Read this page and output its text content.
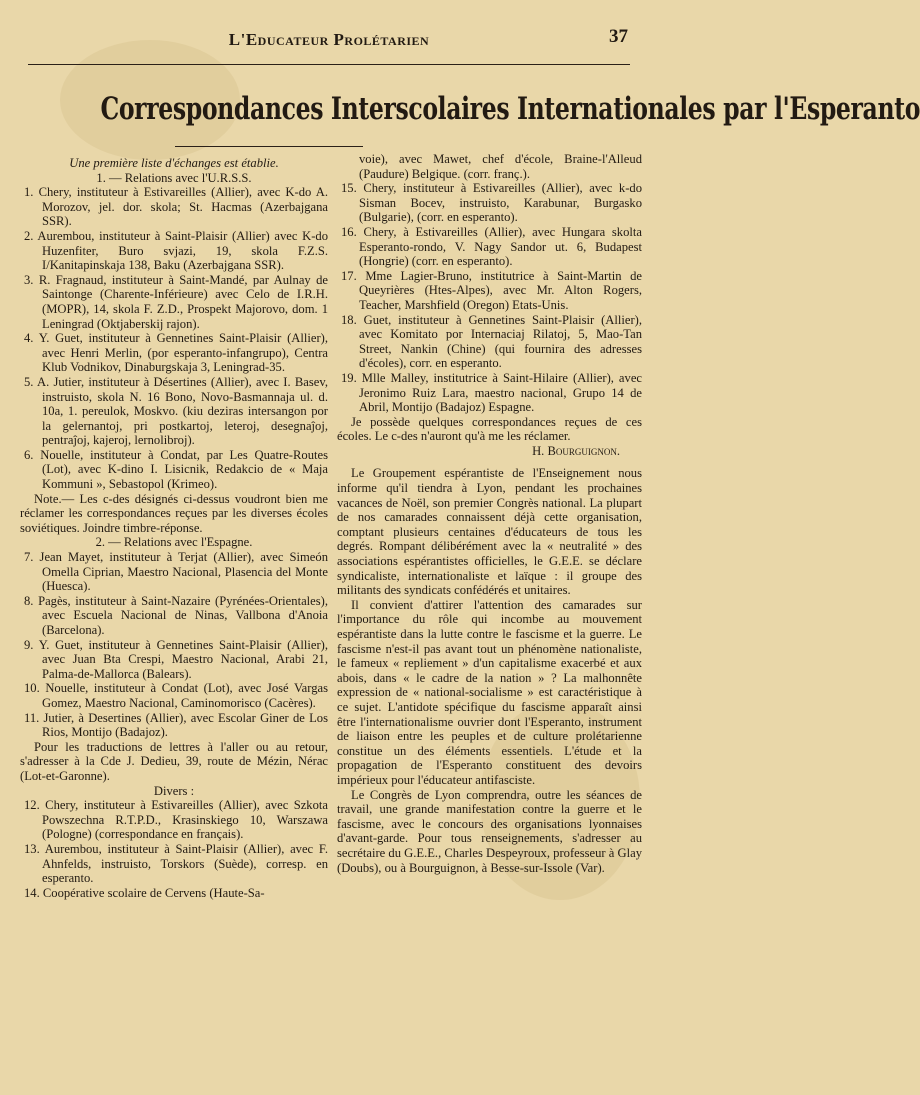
L'Educateur Prolétarien	37
Correspondances Interscolaires Internationales par l'Esperanto

Une première liste d'échanges est établie.

1. — Relations avec l'U.R.S.S.

1. Chery, instituteur à Estivareilles (Allier), avec K-do A. Morozov, jel. dor. skola; St. Hacmas (Azerbajgana SSR).

2. Aurembou, instituteur à Saint-Plaisir (Allier) avec K-do Huzenfiter, Buro svjazi, 19, skola F.Z.S. I/Kanitapinskaja 138, Baku (Azerbajgana SSR).

3. R. Fragnaud, instituteur à Saint-Mandé, par Aulnay de Saintonge (Charente-Inférieure) avec Celo de I.R.H. (MOPR), 14, skola F. Z.D., Prospekt Majorovo, dom. 1 Leningrad (Oktjaberskij rajon).

4. Y. Guet, instituteur à Gennetines Saint-Plaisir (Allier), avec Henri Merlin, (por esperanto-infangrupo), Centra Klub Vodnikov, Dinaburgskaja 3, Leningrad-35.

5. A. Jutier, instituteur à Désertines (Allier), avec I. Basev, instruisto, skola N. 16 Bono, Novo-Basmannaja ul. d. 10a, 1. pereulok, Moskvo. (kiu deziras intersangon por la gelernantoj, pri postkartoj, leteroj, desegnaĵoj, pentraĵoj, kajeroj, lernolibroj).

6. Nouelle, instituteur à Condat, par Les Quatre-Routes (Lot), avec K-dino I. Lisicnik, Redakcio de « Maja Kommuni », Sebastopol (Krimeo).

Note.— Les c-des désignés ci-dessus voudront bien me réclamer les correspondances reçues par les diverses écoles soviétiques. Joindre timbre-réponse.

2. — Relations avec l'Espagne.

7. Jean Mayet, instituteur à Terjat (Allier), avec Simeón Omella Ciprian, Maestro Nacional, Plasencia del Monte (Huesca).

8. Pagès, instituteur à Saint-Nazaire (Pyrénées-Orientales), avec Escuela Nacional de Ninas, Vallbona d'Anoia (Barcelona).

9. Y. Guet, instituteur à Gennetines Saint-Plaisir (Allier), avec Juan Bta Crespi, Maestro Nacional, Arabi 21, Palma-de-Mallorca (Balears).

10. Nouelle, instituteur à Condat (Lot), avec José Vargas Gomez, Maestro Nacional, Caminomorisco (Cacères).

11. Jutier, à Desertines (Allier), avec Escolar Giner de Los Rios, Montijo (Badajoz).

Pour les traductions de lettres à l'aller ou au retour, s'adresser à la Cde J. Dedieu, 39, route de Mézin, Nérac (Lot-et-Garonne).

Divers :

12. Chery, instituteur à Estivareilles (Allier), avec Szkota Powszechna R.T.P.D., Krasinskiego 10, Warszawa (Pologne) (correspondance en français).

13. Aurembou, instituteur à Saint-Plaisir (Allier), avec F. Ahnfelds, instruisto, Torskors (Suède), corresp. en esperanto.

14. Coopérative scolaire de Cervens (Haute-Sa-

voie), avec Mawet, chef d'école, Braine-l'Alleud (Paudure) Belgique. (corr. franç.).

15. Chery, instituteur à Estivareilles (Allier), avec k-do Sisman Bocev, instruisto, Karabunar, Burgasko (Bulgarie), (corr. en esperanto).

16. Chery, à Estivareilles (Allier), avec Hungara skolta Esperanto-rondo, V. Nagy Sandor ut. 6, Budapest (Hongrie) (corr. en esperanto).

17. Mme Lagier-Bruno, institutrice à Saint-Martin de Queyrières (Htes-Alpes), avec Mr. Alton Rogers, Teacher, Marshfield (Oregon) Etats-Unis.

18. Guet, instituteur à Gennetines Saint-Plaisir (Allier), avec Komitato por Internaciaj Rilatoj, 5, Mao-Tan Street, Nankin (Chine) (qui fournira des adresses d'écoles), corr. en esperanto.

19. Mlle Malley, institutrice à Saint-Hilaire (Allier), avec Jeronimo Ruiz Lara, maestro nacional, Grupo 14 de Abril, Montijo (Badajoz) Espagne.

Je possède quelques correspondances reçues de ces écoles. Le c-des n'auront qu'à me les réclamer.

H. Bourguignon.

Le Groupement espérantiste de l'Enseignement nous informe qu'il tiendra à Lyon, pendant les prochaines vacances de Noël, son premier Congrès national. La plupart de nos camarades connaissent déjà cette organisation, comptant plusieurs centaines d'éducateurs de tous les degrés. Rompant délibérément avec la « neutralité » des associations espérantistes officielles, le G.E.E. se déclare syndicaliste, internationaliste et laïque : il groupe des militants des syndicats confédérés et unitaires.

Il convient d'attirer l'attention des camarades sur l'importance du rôle qui incombe au mouvement espérantiste dans la lutte contre le fascisme et la guerre. Le fascisme n'est-il pas avant tout un phénomène nationaliste, le fameux « repliement » d'un capitalisme exacerbé et aux abois, dans « le cadre de la nation » ? La malhonnête expression de « national-socialisme » est caractéristique à ce sujet. L'antidote spécifique du fascisme apparaît ainsi être l'internationalisme ouvrier dont l'Esperanto, instrument de liaison entre les peuples et de culture prolétarienne constitue un des éléments essentiels. L'étude et la propagation de l'Esperanto constituent des devoirs impérieux pour l'éducateur antifasciste.

Le Congrès de Lyon comprendra, outre les séances de travail, une grande manifestation contre la guerre et le fascisme, avec le concours des organisations lyonnaises d'avant-garde. Pour tous renseignements, s'adresser au secrétaire du G.E.E., Charles Despeyroux, professeur à Glay (Doubs), ou à Bourguignon, à Besse-sur-Issole (Var).
